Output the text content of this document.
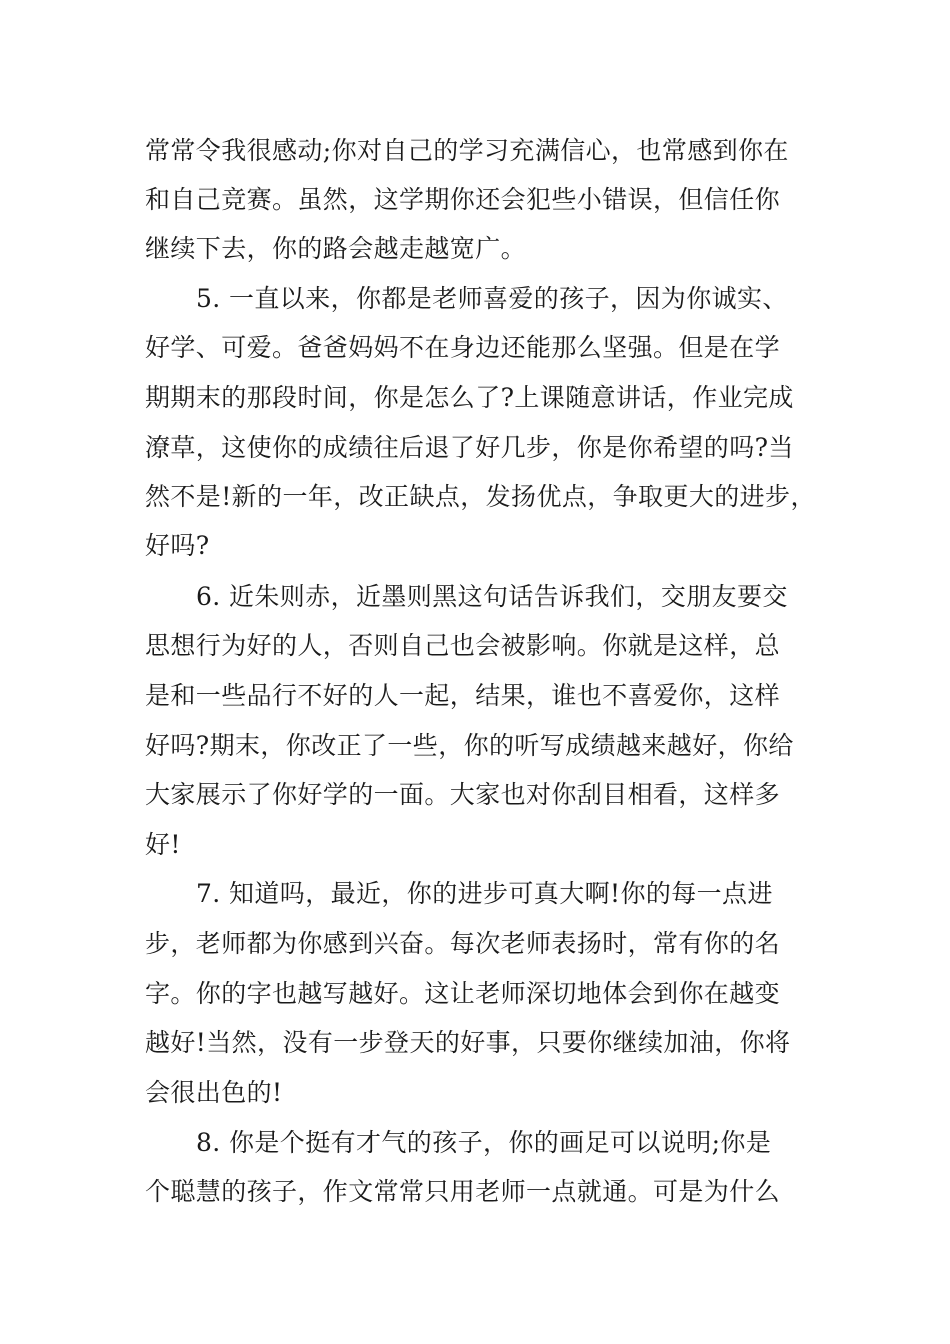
常常令我很感动;你对自己的学习充满信心，也常感到你在
和自己竞赛。虽然，这学期你还会犯些小错误，但信任你
继续下去，你的路会越走越宽广。
5. 一直以来，你都是老师喜爱的孩子，因为你诚实、
好学、可爱。爸爸妈妈不在身边还能那么坚强。但是在学
期期末的那段时间，你是怎么了?上课随意讲话，作业完成
潦草，这使你的成绩往后退了好几步，你是你希望的吗?当
然不是!新的一年，改正缺点，发扬优点，争取更大的进步，
好吗?
6. 近朱则赤，近墨则黑这句话告诉我们，交朋友要交
思想行为好的人，否则自己也会被影响。你就是这样，总
是和一些品行不好的人一起，结果，谁也不喜爱你，这样
好吗?期末，你改正了一些，你的听写成绩越来越好，你给
大家展示了你好学的一面。大家也对你刮目相看，这样多
好!
7. 知道吗，最近，你的进步可真大啊!你的每一点进
步，老师都为你感到兴奋。每次老师表扬时，常有你的名
字。你的字也越写越好。这让老师深切地体会到你在越变
越好!当然，没有一步登天的好事，只要你继续加油，你将
会很出色的!
8. 你是个挺有才气的孩子，你的画足可以说明;你是
个聪慧的孩子，作文常常只用老师一点就通。可是为什么
